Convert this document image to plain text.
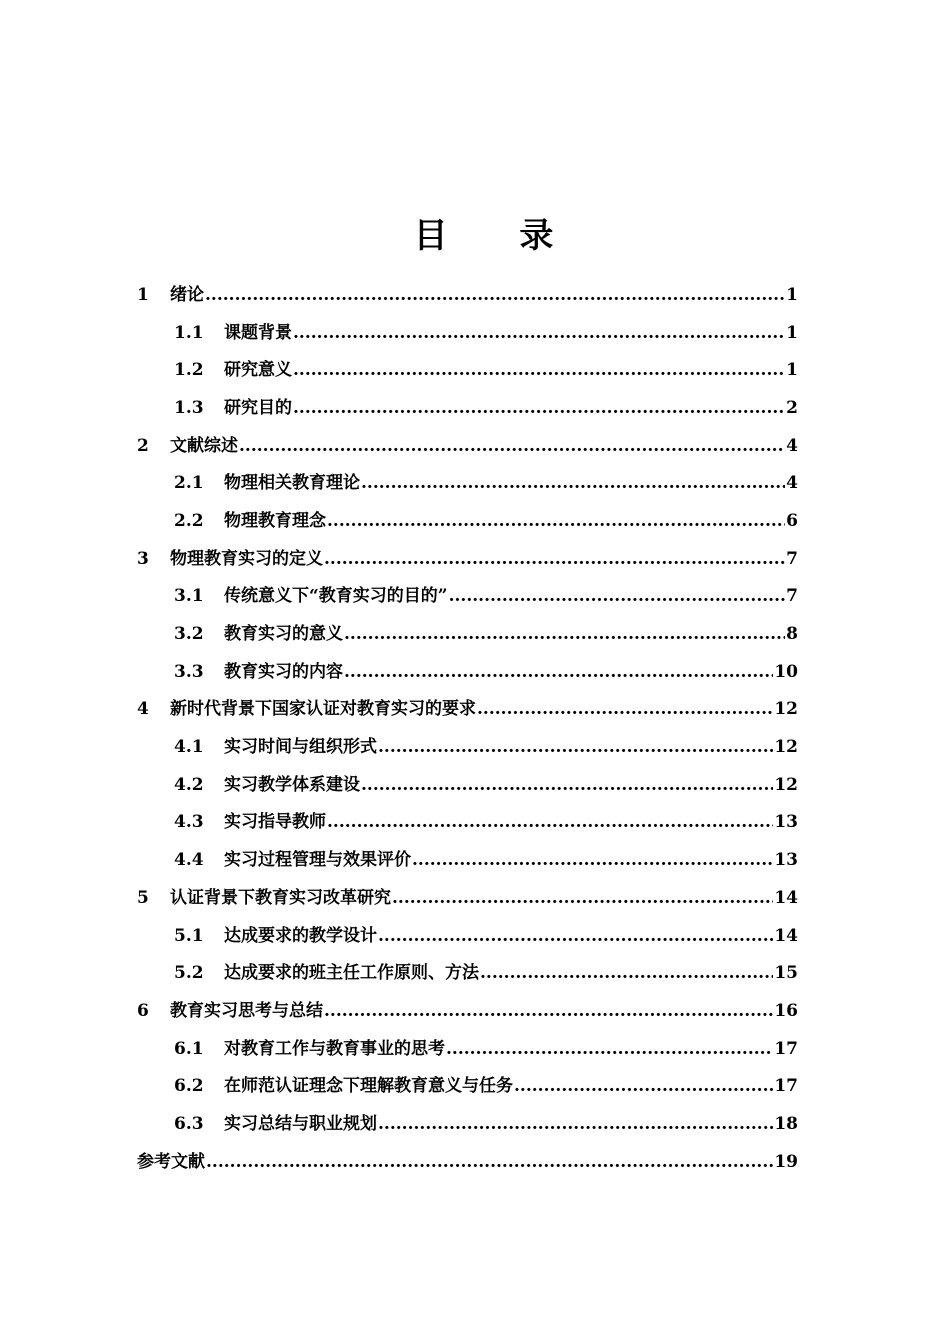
目 录
1	绪论 .....	1
1.1	课题背景 .....	1
1.2	研究意义 .....	1
1.3	研究目的 .....	2
2	文献综述 .....	4
2.1	物理相关教育理论 .....	4
2.2	物理教育理念 .....	6
3	物理教育实习的定义 .....	7
3.1	传统意义下“教育实习的目的” .....	7
3.2	教育实习的意义 .....	8
3.3	教育实习的内容 .....	10
4	新时代背景下国家认证对教育实习的要求 .....	12
4.1	实习时间与组织形式 .....	12
4.2	实习教学体系建设 .....	12
4.3	实习指导教师 .....	13
4.4	实习过程管理与效果评价 .....	13
5	认证背景下教育实习改革研究 .....	14
5.1	达成要求的教学设计 .....	14
5.2	达成要求的班主任工作原则、方法 .....	15
6	教育实习思考与总结 .....	16
6.1	对教育工作与教育事业的思考 .....	17
6.2	在师范认证理念下理解教育意义与任务 .....	17
6.3	实习总结与职业规划 .....	18
参考文献 .....	19
